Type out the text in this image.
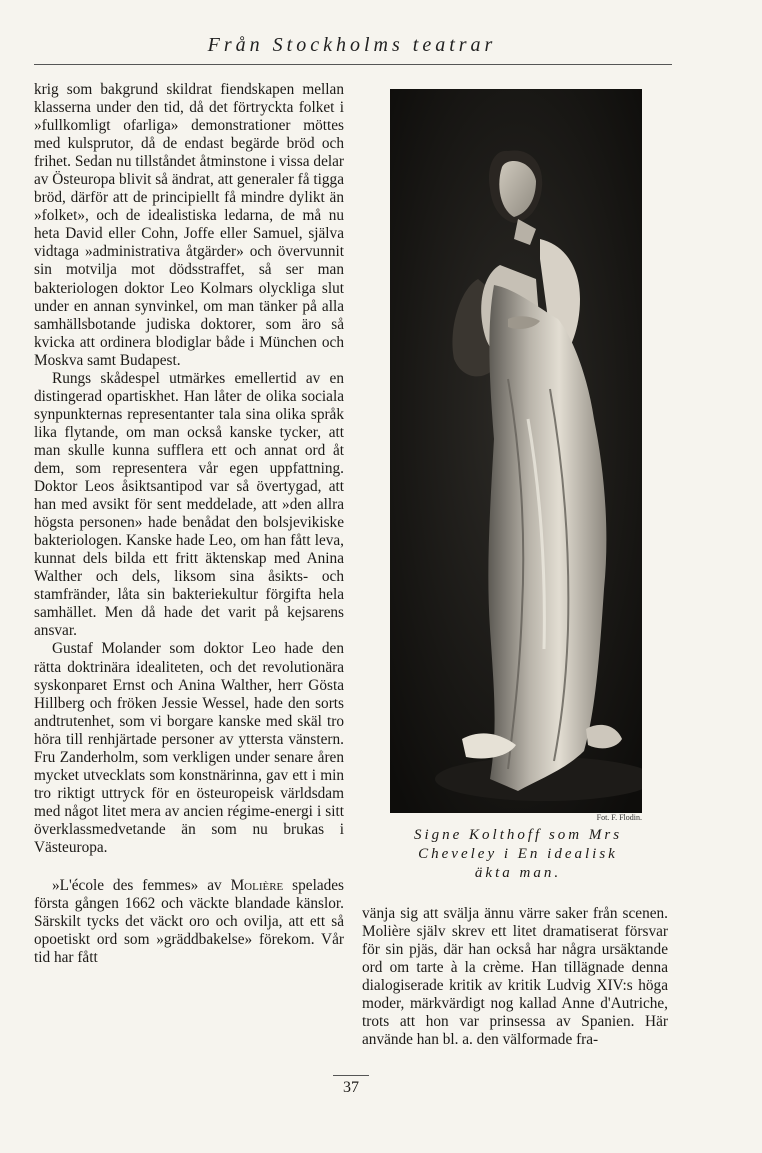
Från Stockholms teatrar

krig som bakgrund skildrat fiendskapen mellan klasserna under den tid, då det förtryckta folket i »fullkomligt ofarliga» demonstrationer möttes med kulsprutor, då de endast begärde bröd och frihet. Sedan nu tillståndet åtminstone i vissa delar av Östeuropa blivit så ändrat, att generaler få tigga bröd, därför att de principiellt få mindre dylikt än »folket», och de idealistiska ledarna, de må nu heta David eller Cohn, Joffe eller Samuel, själva vidtaga »administrativa åtgärder» och övervunnit sin motvilja mot dödsstraffet, så ser man bakteriologen doktor Leo Kolmars olyckliga slut under en annan synvinkel, om man tänker på alla samhällsbotande judiska doktorer, som äro så kvicka att ordinera blodiglar både i München och Moskva samt Budapest.

Rungs skådespel utmärkes emellertid av en distingerad opartiskhet. Han låter de olika sociala synpunkternas representanter tala sina olika språk lika flytande, om man också kanske tycker, att man skulle kunna sufflera ett och annat ord åt dem, som representera vår egen uppfattning. Doktor Leos åsiktsantipod var så övertygad, att han med avsikt för sent meddelade, att »den allra högsta personen» hade benådat den bolsjevikiske bakteriologen. Kanske hade Leo, om han fått leva, kunnat dels bilda ett fritt äktenskap med Anina Walther och dels, liksom sina åsikts- och stamfränder, låta sin bakteriekultur förgifta hela samhället. Men då hade det varit på kejsarens ansvar.

Gustaf Molander som doktor Leo hade den rätta doktrinära idealiteten, och det revolutionära syskonparet Ernst och Anina Walther, herr Gösta Hillberg och fröken Jessie Wessel, hade den sorts andtrutenhet, som vi borgare kanske med skäl tro höra till renhjärtade personer av yttersta vänstern. Fru Zanderholm, som verkligen under senare åren mycket utvecklats som konstnärinna, gav ett i min tro riktigt uttryck för en östeuropeisk världsdam med något litet mera av ancien régime-energi i sitt överklassmedvetande än som nu brukas i Västeuropa.

»L'école des femmes» av Molière spelades första gången 1662 och väckte blandade känslor. Särskilt tycks det väckt oro och ovilja, att ett så opoetiskt ord som »gräddbakelse» förekom. Vår tid har fått

Fot. F. Flodin.
Signe Kolthoff som Mrs
Cheveley i En idealisk
äkta man.

vänja sig att svälja ännu värre saker från scenen. Molière själv skrev ett litet dramatiserat försvar för sin pjäs, där han också har några ursäktande ord om tarte à la crème. Han tillägnade denna dialogiserade kritik av kritik Ludvig XIV:s höga moder, märkvärdigt nog kallad Anne d'Autriche, trots att hon var prinsessa av Spanien. Här använde han bl. a. den välformade fra-

37
